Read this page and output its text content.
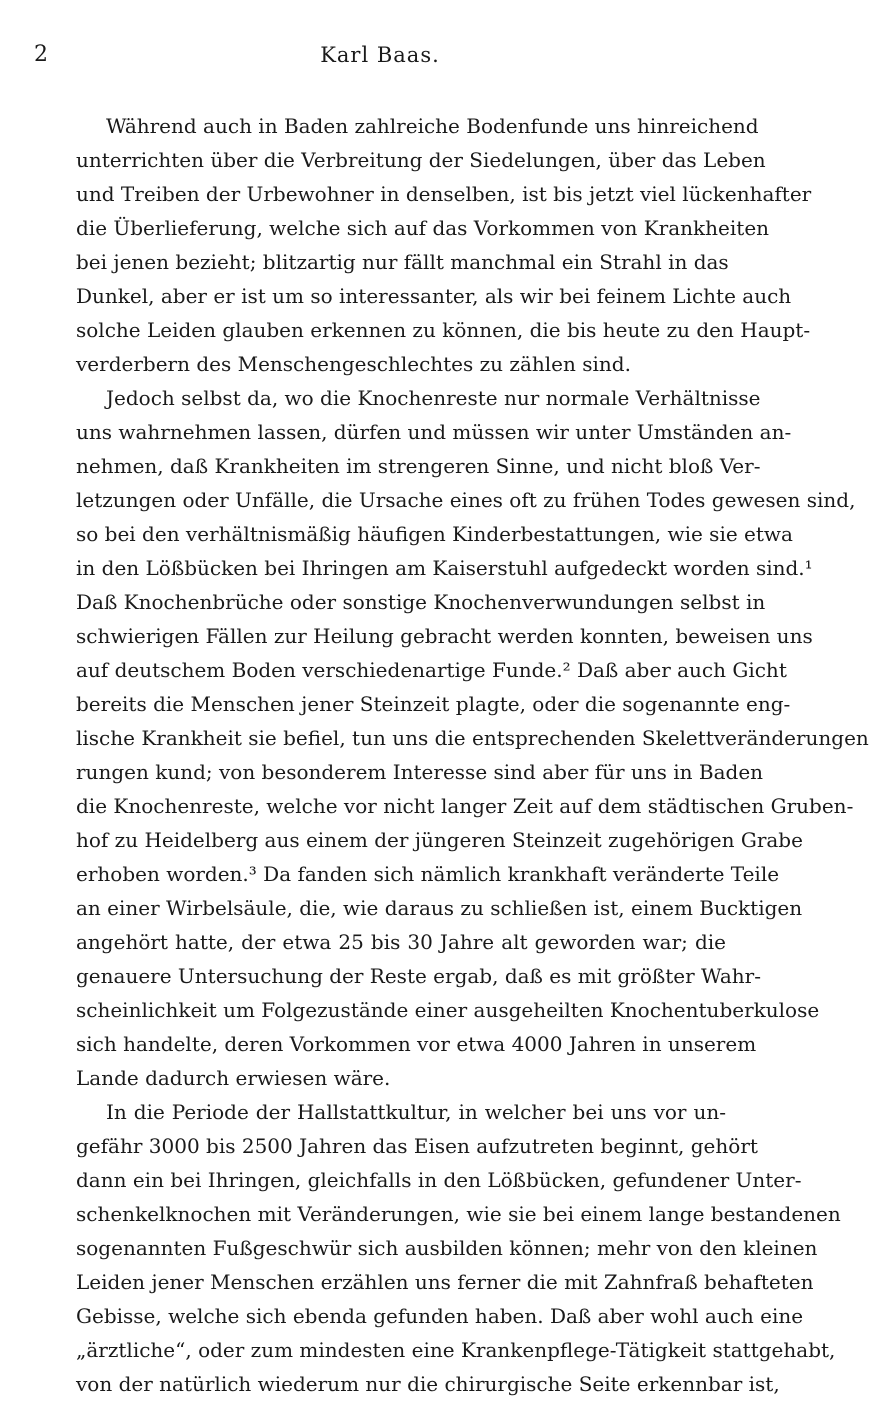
2	Karl Baas.
Während auch in Baden zahlreiche Bodenfunde uns hinreichend
unterrichten über die Verbreitung der Siedelungen, über das Leben
und Treiben der Urbewohner in denselben, ist bis jetzt viel lückenhafter
die Überlieferung, welche sich auf das Vorkommen von Krankheiten
bei jenen bezieht; blitzartig nur fällt manchmal ein Strahl in das
Dunkel, aber er ist um so interessanter, als wir bei feinem Lichte auch
solche Leiden glauben erkennen zu können, die bis heute zu den Haupt-
verderbern des Menschengeschlechtes zu zählen sind.
Jedoch selbst da, wo die Knochenreste nur normale Verhältnisse
uns wahrnehmen lassen, dürfen und müssen wir unter Umständen an-
nehmen, daß Krankheiten im strengeren Sinne, und nicht bloß Ver-
letzungen oder Unfälle, die Ursache eines oft zu frühen Todes gewesen sind,
so bei den verhältnismäßig häufigen Kinderbestattungen, wie sie etwa
in den Lößbücken bei Ihringen am Kaiserstuhl aufgedeckt worden sind.¹
Daß Knochenbrüche oder sonstige Knochenverwundungen selbst in
schwierigen Fällen zur Heilung gebracht werden konnten, beweisen uns
auf deutschem Boden verschiedenartige Funde.² Daß aber auch Gicht
bereits die Menschen jener Steinzeit plagte, oder die sogenannte eng-
lische Krankheit sie befiel, tun uns die entsprechenden Skelettveränderungen
rungen kund; von besonderem Interesse sind aber für uns in Baden
die Knochenreste, welche vor nicht langer Zeit auf dem städtischen Gruben-
hof zu Heidelberg aus einem der jüngeren Steinzeit zugehörigen Grabe
erhoben worden.³ Da fanden sich nämlich krankhaft veränderte Teile
an einer Wirbelsäule, die, wie daraus zu schließen ist, einem Bucktigen
angehört hatte, der etwa 25 bis 30 Jahre alt geworden war; die
genauere Untersuchung der Reste ergab, daß es mit größter Wahr-
scheinlichkeit um Folgezustände einer ausgeheilten Knochentuberkulose
sich handelte, deren Vorkommen vor etwa 4000 Jahren in unserem
Lande dadurch erwiesen wäre.
In die Periode der Hallstattkultur, in welcher bei uns vor un-
gefähr 3000 bis 2500 Jahren das Eisen aufzutreten beginnt, gehört
dann ein bei Ihringen, gleichfalls in den Lößbücken, gefundener Unter-
schenkelknochen mit Veränderungen, wie sie bei einem lange bestandenen
sogenannten Fußgeschwür sich ausbilden können; mehr von den kleinen
Leiden jener Menschen erzählen uns ferner die mit Zahnfraß behafteten
Gebisse, welche sich ebenda gefunden haben. Daß aber wohl auch eine
„ärztliche“, oder zum mindesten eine Krankenpflege-Tätigkeit stattgehabt,
von der natürlich wiederum nur die chirurgische Seite erkennbar ist,
